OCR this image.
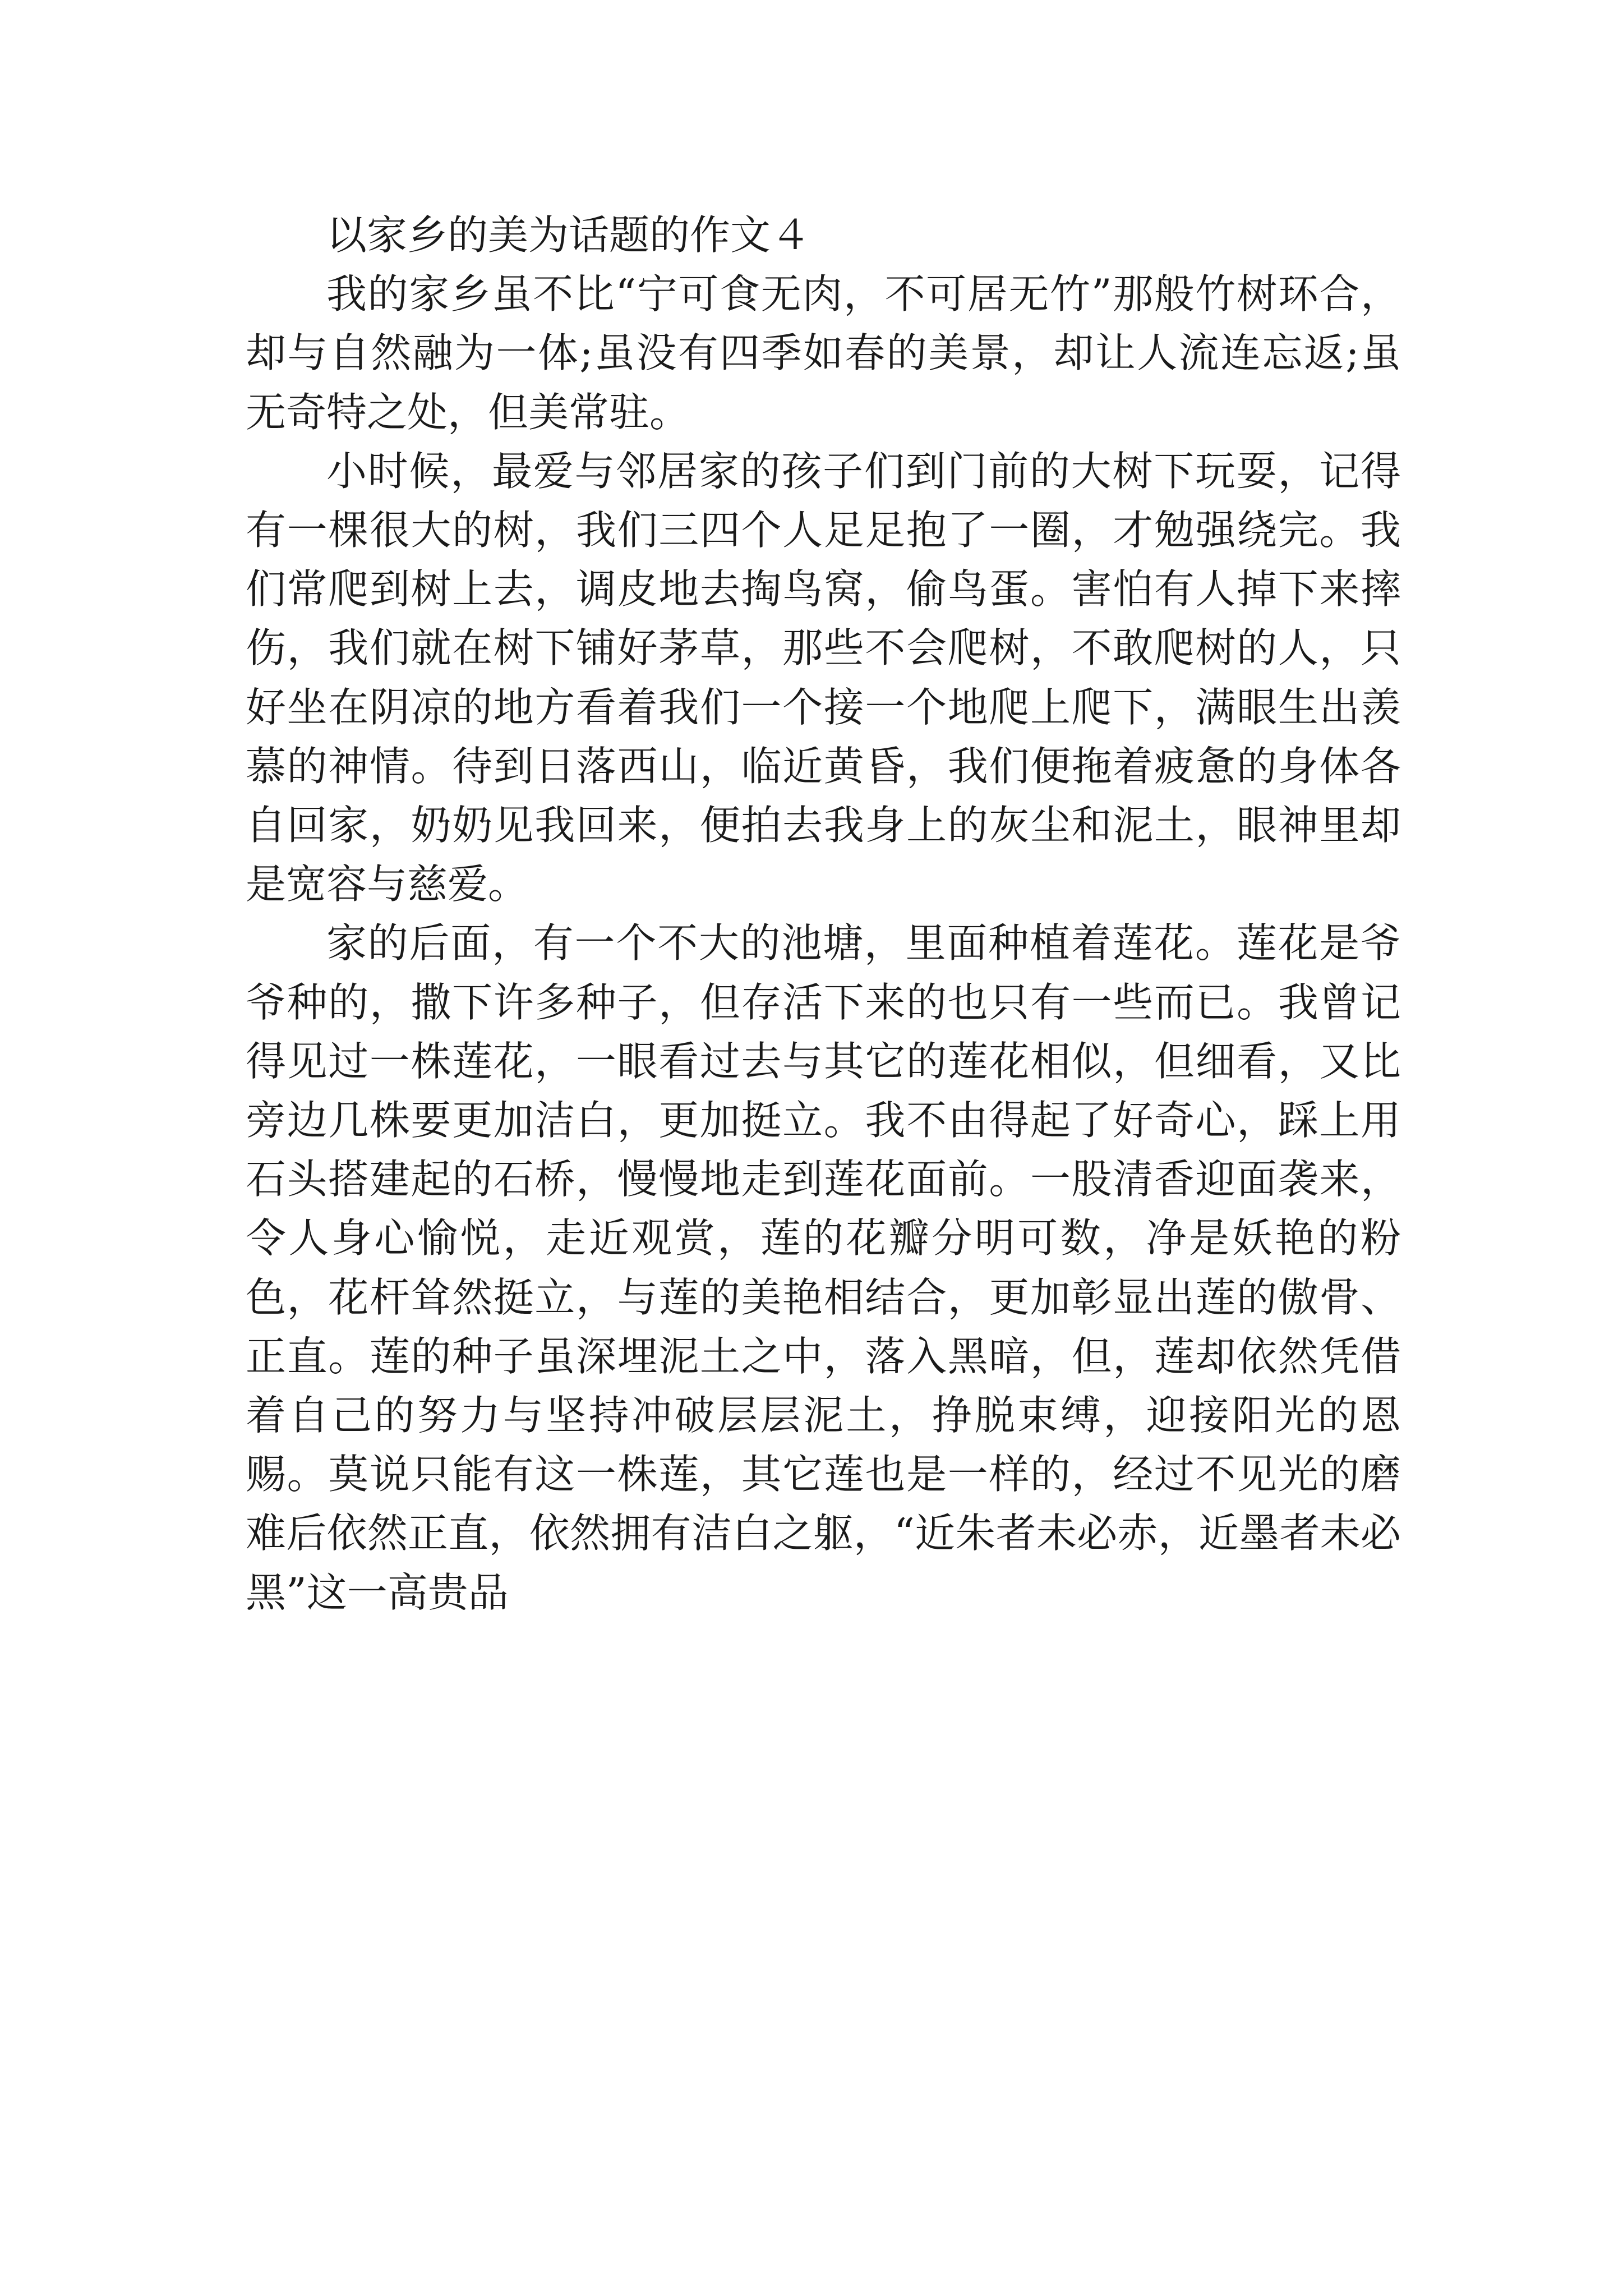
以家乡的美为话题的作文４

我的家乡虽不比“宁可食无肉，不可居无竹”那般竹树环合，却与自然融为一体;虽没有四季如春的美景，却让人流连忘返;虽无奇特之处，但美常驻。

小时候，最爱与邻居家的孩子们到门前的大树下玩耍，记得有一棵很大的树，我们三四个人足足抱了一圈，才勉强绕完。我们常爬到树上去，调皮地去掏鸟窝，偷鸟蛋。害怕有人掉下来摔伤，我们就在树下铺好茅草，那些不会爬树，不敢爬树的人，只好坐在阴凉的地方看着我们一个接一个地爬上爬下，满眼生出羡慕的神情。待到日落西山，临近黄昏，我们便拖着疲惫的身体各自回家，奶奶见我回来，便拍去我身上的灰尘和泥土，眼神里却是宽容与慈爱。

家的后面，有一个不大的池塘，里面种植着莲花。莲花是爷爷种的，撒下许多种子，但存活下来的也只有一些而已。我曾记得见过一株莲花，一眼看过去与其它的莲花相似，但细看，又比旁边几株要更加洁白，更加挺立。我不由得起了好奇心，踩上用石头搭建起的石桥，慢慢地走到莲花面前。一股清香迎面袭来，令人身心愉悦，走近观赏，莲的花瓣分明可数，净是妖艳的粉色，花杆耸然挺立，与莲的美艳相结合，更加彰显出莲的傲骨、正直。莲的种子虽深埋泥土之中，落入黑暗，但，莲却依然凭借着自己的努力与坚持冲破层层泥土，挣脱束缚，迎接阳光的恩赐。莫说只能有这一株莲，其它莲也是一样的，经过不见光的磨难后依然正直，依然拥有洁白之躯，“近朱者未必赤，近墨者未必黑”这一高贵品
